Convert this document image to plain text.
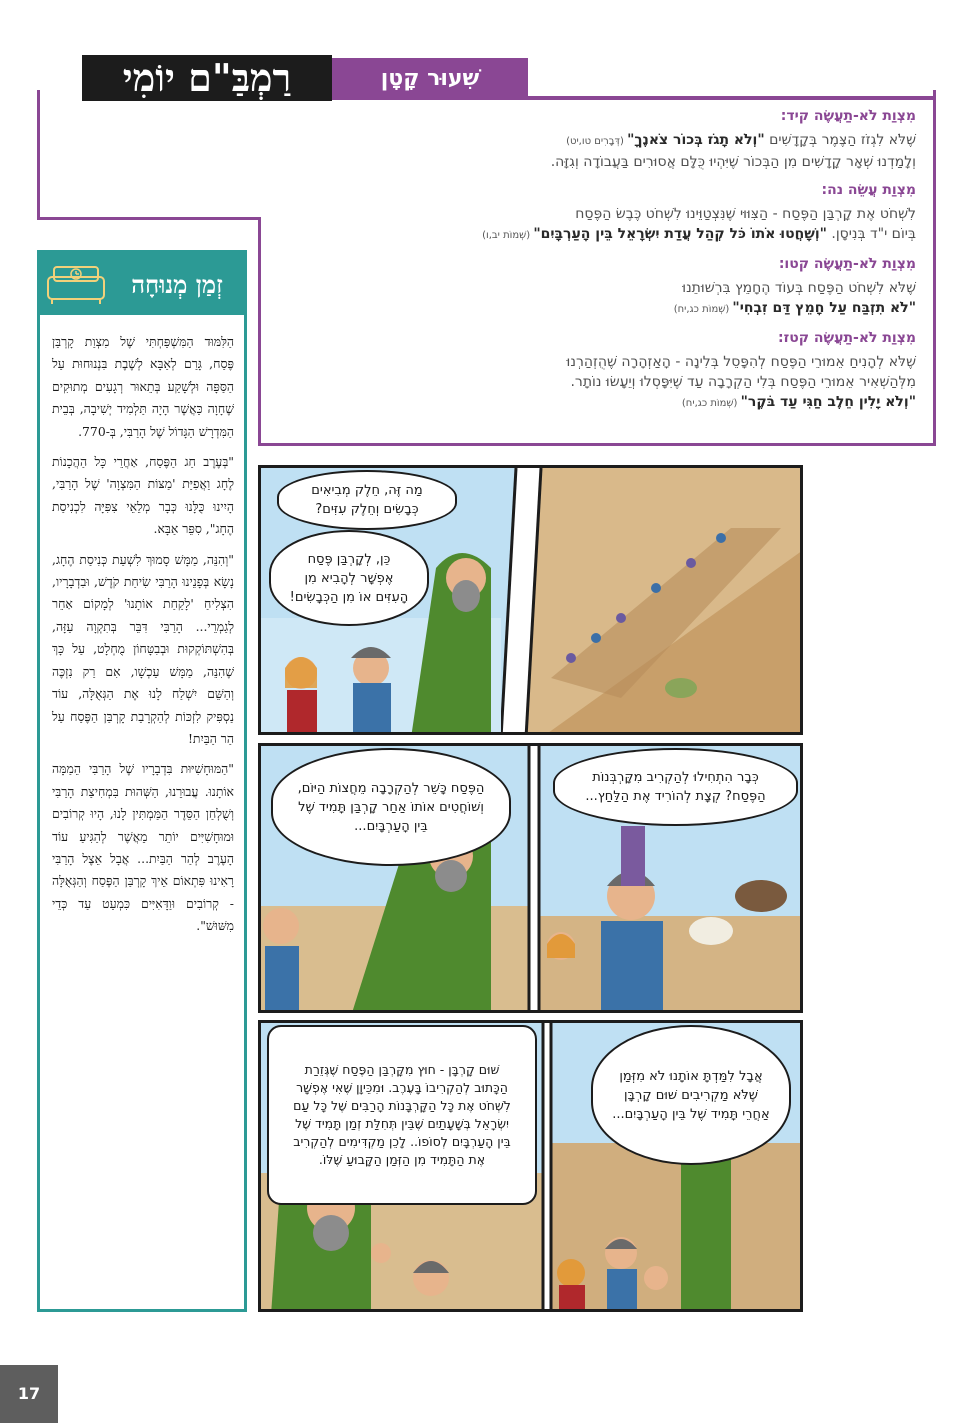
רַמְבַּ"ם יוֹמִי	שִׁעוּר קָטָן
מִצְוַת לֹא-תַעֲשֶׂה קיד:
שֶׁלֹּא לִגְזֹז הַצֶּמֶר בְּקָדָשִׁים "וְלֹא תָגֹז בְּכוֹר צֹאנֶךָ" (דְּבָרִים טו,יט)
וְלָמַדְנוּ שְׁאָר קָדָשִׁים מִן הַבְּכוֹר שֶׁיִּהְיוּ כֻּלָּם אֲסוּרִים בַּעֲבוֹדָה וְגִזָּה.
מִצְוַת עֲשֵׂה נה:
לִשְׁחֹט אֶת קָרְבַּן הַפֶּסַח - הַצִּוּוּי שֶׁנִּצְטַוֵּינוּ לִשְׁחֹט כֶּבֶשׂ הַפֶּסַח
בְּיוֹם י"ד בְּנִיסָן. "וְשָׁחֲטוּ אֹתוֹ כֹּל קְהַל עֲדַת יִשְׂרָאֵל בֵּין הָעַרְבָּיִם" (שְׁמוֹת יב,ו)
מִצְוַת לֹא-תַעֲשֶׂה קטו:
שֶׁלֹּא לִשְׁחֹט הַפֶּסַח בְּעוֹד הֶחָמֵץ בִּרְשׁוּתֵנוּ
"לֹא תִזְבַּח עַל חָמֵץ דַּם זִבְחִי" (שְׁמוֹת כג,יח)
מִצְוַת לֹא-תַעֲשֶׂה קטז:
שֶׁלֹּא לְהָנִיחַ אֵמוּרֵי הַפֶּסַח לְהִפָּסֵל בְּלִינָה - הָאַזְהָרָה שֶׁהֻזְהַרְנוּ
מִלְּהַשְׁאִיר אֵמוּרֵי הַפֶּסַח בְּלִי הַקְרָבָה עַד שֶׁיִּפָּסְלוּ וְיֵעָשׂוּ נוֹתָר.
"וְלֹא יָלִין חֵלֶב חַגִּי עַד בֹּקֶר" (שְׁמוֹת כג,יח)
זְמַן מְנוּחָה

הַלִּמּוּד הַמִּשְׁפַּחְתִּי שֶׁל מִצְוַת קָרְבַּן פֶּסַח, גָּרַם לְאַבָּא לְשֶׁבֶת בִּנְנוּחוּת עַל הַסַּפָּה וּלְשָׁקַע בְּתֵאוּר רְגָעִים מְתוּקִים שֶׁחָוָה כַּאֲשֶׁר הָיָה תַּלְמִיד יְשִׁיבָה, בְּבֵית הַמִּדְרָשׁ הַגָּדוֹל שֶׁל הָרַבִּי, בְּ-770.

"בְּעֶרֶב חַג הַפֶּסַח, אַחֲרֵי כָּל הַהֲכָנוֹת לֶחָג וַאֲפִיַּת 'מַצּוֹת הַמִּצְוָה' שֶׁל הָרַבִּי, הָיִינוּ כֻּלָּנוּ כְּבָר מְלֵאֵי צִפִּיָּה לִכְנִיסַת הֶחָג", סִפֵּר אַבָּא.

"וְהִנֵּה, מַמָּשׁ סָמוּךְ לִשְׁעַת כְּנִיסַת הֶחָג, נָשָׂא בְּפָנֵינוּ הָרַבִּי שִׂיחַת קֹדֶשׁ, וּבִדְבָרָיו, הִצְלִיחַ 'לָקַחַת אוֹתָנוּ' לְמָקוֹם אַחֵר לְגַמְרֵי... הָרַבִּי דִּבֵּר בְּתִקְוָה עַזָּה, בְּהִשְׁתּוֹקְקוּת וּבְבִטָּחוֹן מֻחְלָט, עַל כָּךְ שֶׁהִנֵּה, מַמָּשׁ עַכְשָׁו, אִם רַק נִזְכֶּה וְהַשֵּׁם יִשְׁלַח לָנוּ אֶת הַגְּאֻלָּה, עוֹד נַסְפִּיק לִזְכּוֹת לְהַקְרָבַת קָרְבַּן הַפֶּסַח עַל הַר הַבַּיִת!

"הַמּוּחָשִׁיּוּת בִּדְבָרָיו שֶׁל הָרַבִּי הֵמַמָּה אוֹתָנוּ. עֲבוּרֵנוּ, הַשְּׁהוּת בִּמְחִיצַת הָרַבִּי וְשֻׁלְחַן הַסֵּדֶר הַמַּמְתִּין לָנוּ, הָיוּ קְרוֹבִים וּמוּחָשִׁיִּים יוֹתֵר מֵאֲשֶׁר לְהַגִּיעַ עוֹד הָעֶרֶב לְהַר הַבַּיִת... אֲבָל אֵצֶל הָרַבִּי רָאִינוּ פִּתְאוֹם אֵיךְ קָרְבַּן הַפֶּסַח וְהַגְּאֻלָּה - קְרוֹבִים וּוַדָּאִיִּים כִּמְעַט עַד כְּדֵי מִשּׁוּשׁ".

מַה זֶּה, חֵלֶק מְבִיאִים כְּבָשִׂים וְחֵלֶק עִזִּים?
כֵּן, לְקָרְבַּן פֶּסַח אֶפְשָׁר לְהָבִיא מִן הָעִזִּים אוֹ מִן הַכְּבָשִׂים!
הַפֶּסַח כָּשֵׁר לְהַקְרָבָה מֵחֲצוֹת הַיּוֹם, וְשׁוֹחֲטִים אוֹתוֹ אַחַר קָרְבַּן תָּמִיד שֶׁל בֵּין הָעַרְבָּיִם...
כְּבָר הִתְחִילוּ לְהַקְרִיב מִקָּרְבְּנוֹת הַפֶּסַח? קְצָת לְהוֹרִיד אֶת הַלַּחַץ...
שׁוּם קָרְבָּן - חוּץ מִקָּרְבַּן הַפֶּסַח שֶׁגְּזֵרַת הַכָּתוּב לְהַקְרִיבוֹ בָּעֶרֶב. וּמִכֵּיוָן שֶׁאִי אֶפְשָׁר לִשְׁחֹט אֶת כָּל הַקָּרְבָּנוֹת הָרַבִּים שֶׁל כָּל עַם יִשְׂרָאֵל בְּשָׁעָתַיִם שֶׁבֵּין תְּחִלַּת זְמַן תָּמִיד שֶׁל בֵּין הָעַרְבָּיִם לְסוֹפוֹ.. לָכֵן מַקְדִּימִים לְהַקְרִיב אֶת הַתָּמִיד מִן הַזְּמַן הַקָּבוּעַ שֶׁלּוֹ.
אֲבָל לִמַּדְתָּ אוֹתָנוּ לֹא מִזְּמַן שֶׁלֹּא מַקְרִיבִים שׁוּם קָרְבָּן אַחֲרֵי תָּמִיד שֶׁל בֵּין הָעַרְבָּיִם...
17
